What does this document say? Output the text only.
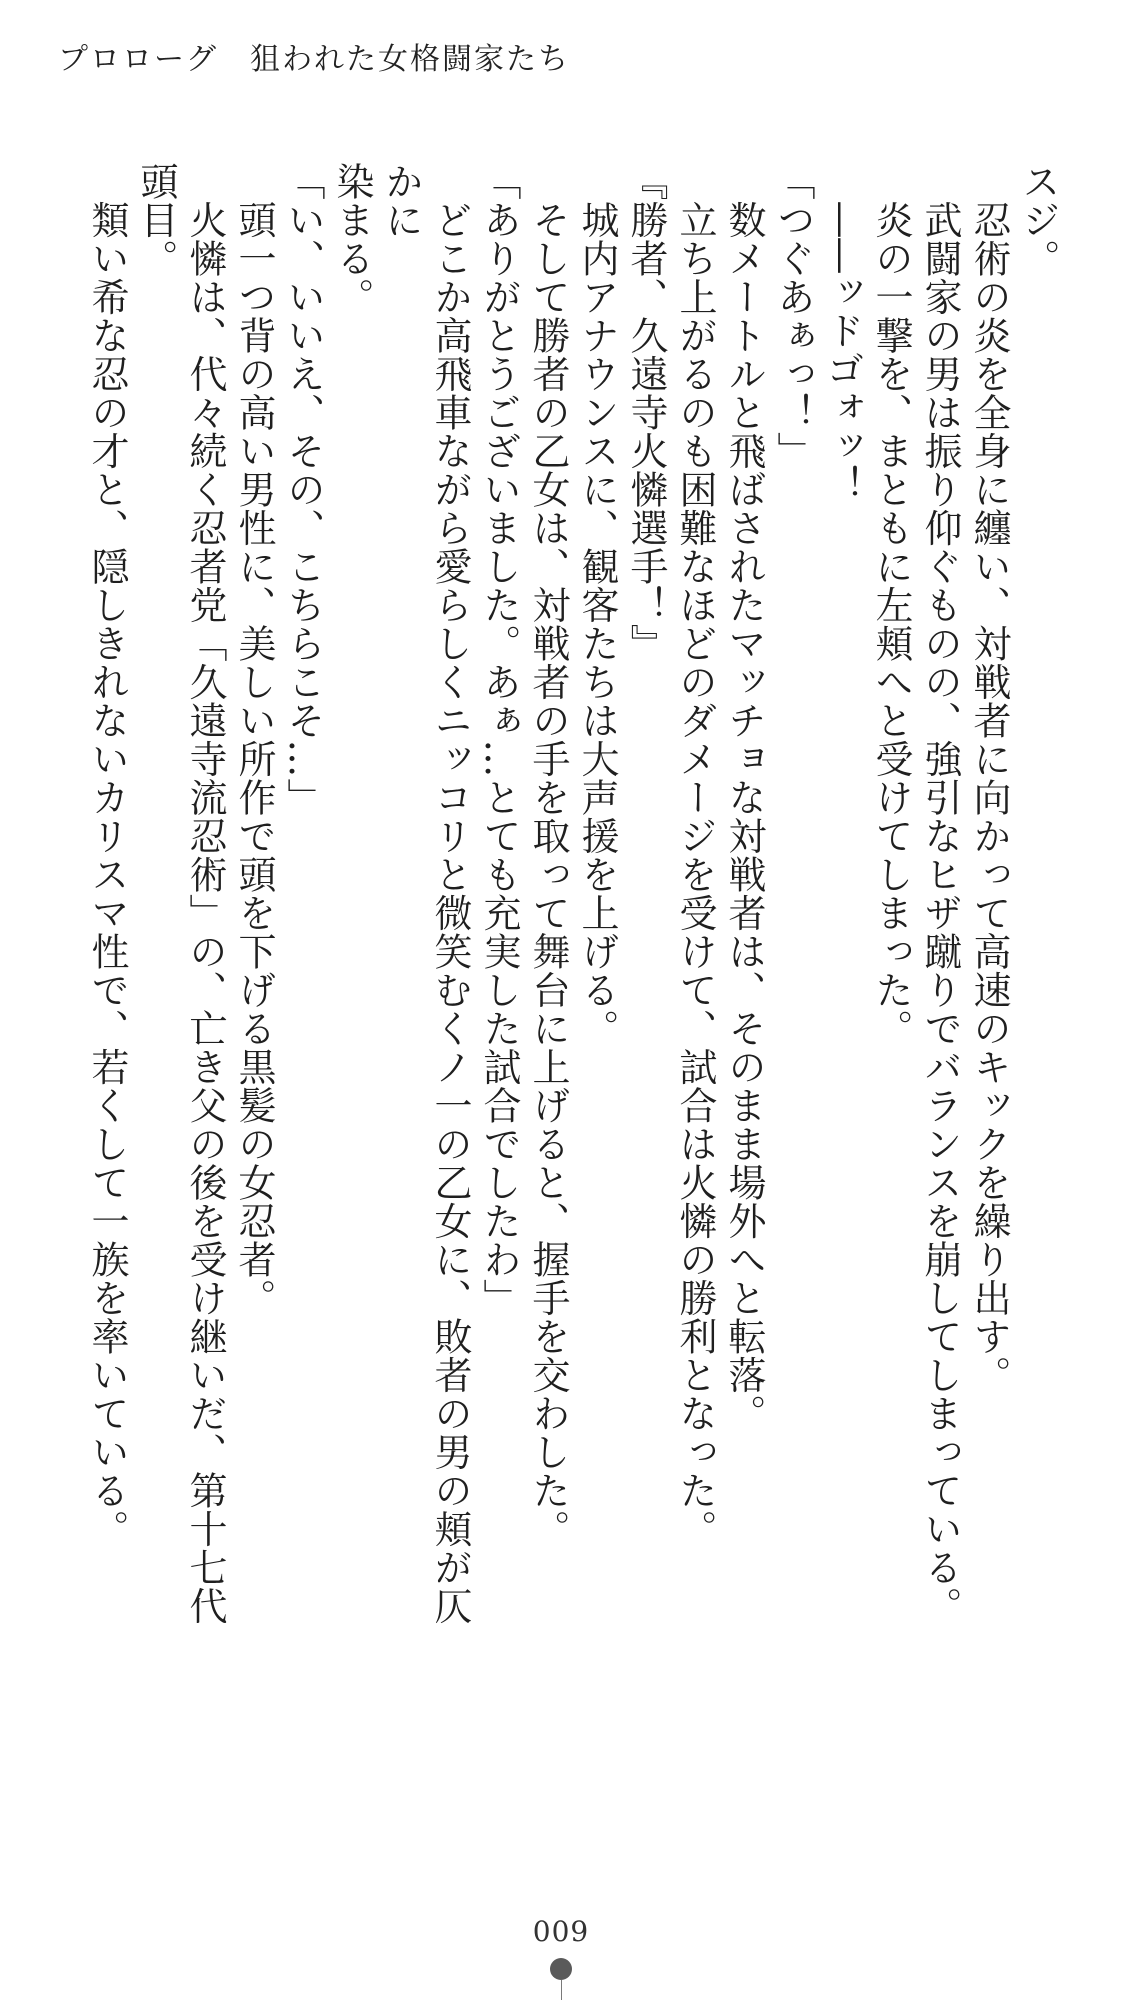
プロローグ　狙われた女格闘家たち

スジ。

　忍術の炎を全身に纏い、対戦者に向かって高速のキックを繰り出す。

　武闘家の男は振り仰ぐものの、強引なヒザ蹴りでバランスを崩してしまっている。

　炎の一撃を、まともに左頬へと受けてしまった。

　——ッドゴォッ！

「つぐあぁっ！」

　数メートルと飛ばされたマッチョな対戦者は、そのまま場外へと転落。

　立ち上がるのも困難なほどのダメージを受けて、試合は火憐の勝利となった。

『勝者、久遠寺火憐選手！』

　城内アナウンスに、観客たちは大声援を上げる。

　そして勝者の乙女は、対戦者の手を取って舞台に上げると、握手を交わした。

「ありがとうございました。あぁ…とても充実した試合でしたわ」

　どこか高飛車ながら愛らしくニッコリと微笑むくノ一の乙女に、敗者の男の頬が仄かに

染まる。

「い、いいえ、その、こちらこそ…」

　頭一つ背の高い男性に、美しい所作で頭を下げる黒髪の女忍者。

　火憐は、代々続く忍者党「久遠寺流忍術」の、亡き父の後を受け継いだ、第十七代頭目。

　類い希な忍の才と、隠しきれないカリスマ性で、若くして一族を率いている。

009
